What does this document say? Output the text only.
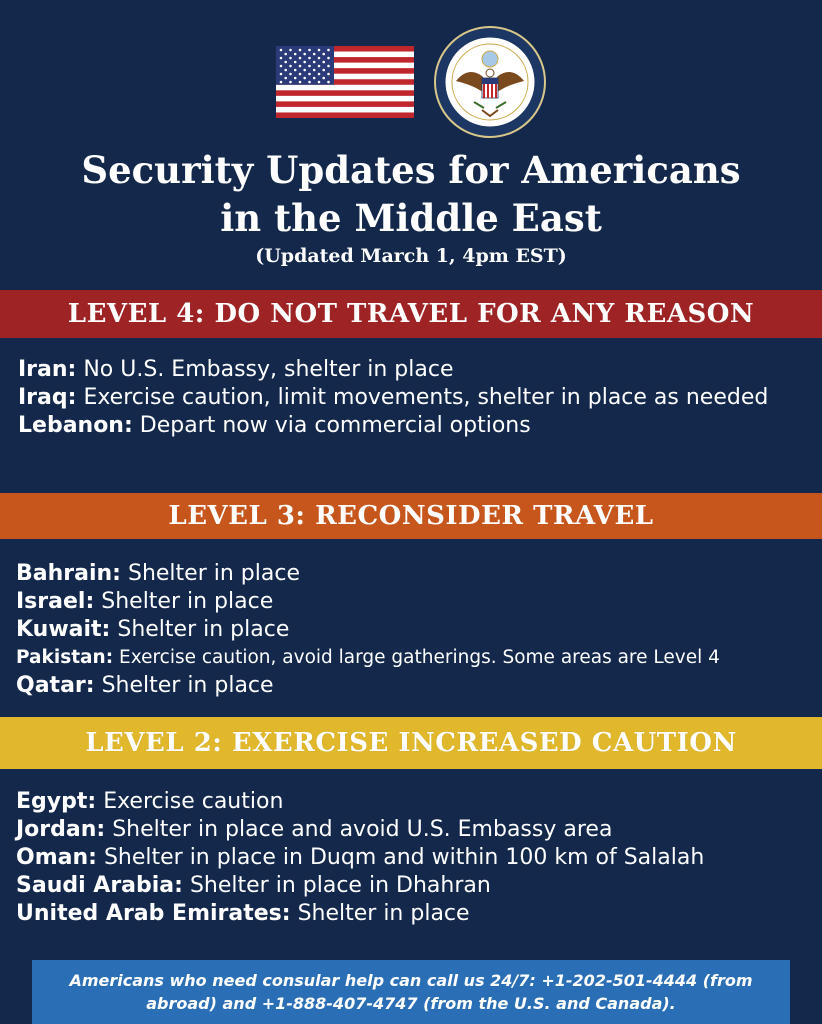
Security Updates for Americans
in the Middle East
(Updated March 1, 4pm EST)
LEVEL 4: DO NOT TRAVEL FOR ANY REASON
Iran: No U.S. Embassy, shelter in place
Iraq: Exercise caution, limit movements, shelter in place as needed
Lebanon: Depart now via commercial options
LEVEL 3: RECONSIDER TRAVEL
Bahrain: Shelter in place
Israel: Shelter in place
Kuwait: Shelter in place
Pakistan: Exercise caution, avoid large gatherings. Some areas are Level 4
Qatar: Shelter in place
LEVEL 2: EXERCISE INCREASED CAUTION
Egypt: Exercise caution
Jordan: Shelter in place and avoid U.S. Embassy area
Oman: Shelter in place in Duqm and within 100 km of Salalah
Saudi Arabia: Shelter in place in Dhahran
United Arab Emirates: Shelter in place
Americans who need consular help can call us 24/7: +1-202-501-4444 (from
abroad) and +1-888-407-4747 (from the U.S. and Canada).
